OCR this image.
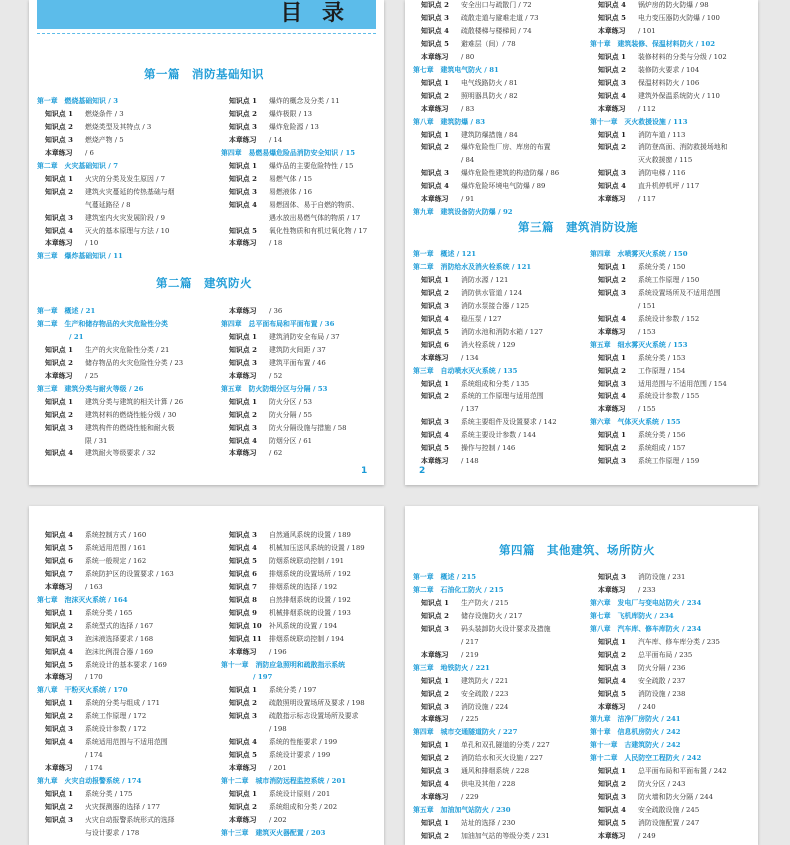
目 录
1
第一篇　消防基础知识
第二篇　建筑防火
第一章　燃烧基础知识 / 3
知识点 1 燃烧条件 / 3
知识点 2 燃烧类型及其特点 / 3
知识点 3 燃烧产物 / 5
本章练习 / 6
第二章　火灾基础知识 / 7
知识点 1 火灾的分类及发生原因 / 7
知识点 2 建筑火灾蔓延的传热基础与烟
气蔓延路径 / 8
知识点 3 建筑室内火灾发展阶段 / 9
知识点 4 灭火的基本原理与方法 / 10
本章练习 / 10
第三章　爆炸基础知识 / 11
知识点 1 爆炸的概念及分类 / 11
知识点 2 爆炸极限 / 13
知识点 3 爆炸危险源 / 13
本章练习 / 14
第四章　易燃易爆危险品消防安全知识 / 15
知识点 1 爆炸品的主要危险特性 / 15
知识点 2 易燃气体 / 15
知识点 3 易燃液体 / 16
知识点 4 易燃固体、易于自燃的物质、
遇水放出易燃气体的物质 / 17
知识点 5 氧化性物质和有机过氧化物 / 17
本章练习 / 18
第一章　概述 / 21
第二章　生产和储存物品的火灾危险性分类
/ 21
知识点 1 生产的火灾危险性分类 / 21
知识点 2 储存物品的火灾危险性分类 / 23
本章练习 / 25
第三章　建筑分类与耐火等级 / 26
知识点 1 建筑分类与建筑的相关计算 / 26
知识点 2 建筑材料的燃烧性能分级 / 30
知识点 3 建筑构件的燃烧性能和耐火极
限 / 31
知识点 4 建筑耐火等级要求 / 32
本章练习 / 36
第四章　总平面布局和平面布置 / 36
知识点 1 建筑消防安全布局 / 37
知识点 2 建筑防火间距 / 37
知识点 3 建筑平面布置 / 46
本章练习 / 52
第五章　防火防烟分区与分隔 / 53
知识点 1 防火分区 / 53
知识点 2 防火分隔 / 55
知识点 3 防火分隔设施与措施 / 58
知识点 4 防烟分区 / 61
本章练习 / 62
2
第三篇　建筑消防设施
知识点 2 安全出口与疏散门 / 72
知识点 3 疏散走道与避难走道 / 73
知识点 4 疏散楼梯与楼梯间 / 74
知识点 5 避难层（间）/ 78
本章练习 / 80
第七章　建筑电气防火 / 81
知识点 1 电气线路防火 / 81
知识点 2 照明器具防火 / 82
本章练习 / 83
第八章　建筑防爆 / 83
知识点 1 建筑防爆措施 / 84
知识点 2 爆炸危险性厂房、库房的布置
/ 84
知识点 3 爆炸危险性建筑的构造防爆 / 86
知识点 4 爆炸危险环境电气防爆 / 89
本章练习 / 91
第九章　建筑设备防火防爆 / 92
知识点 4 锅炉房的防火防爆 / 98
知识点 5 电力变压器防火防爆 / 100
本章练习 / 101
第十章　建筑装修、保温材料防火 / 102
知识点 1 装修材料的分类与分级 / 102
知识点 2 装修防火要求 / 104
知识点 3 保温材料防火 / 106
知识点 4 建筑外保温系统防火 / 110
本章练习 / 112
第十一章　灭火救援设施 / 113
知识点 1 消防车道 / 113
知识点 2 消防登高面、消防救援场地和
灭火救援窗 / 115
知识点 3 消防电梯 / 116
知识点 4 直升机停机坪 / 117
本章练习 / 117
第一章　概述 / 121
第二章　消防给水及消火栓系统 / 121
知识点 1 消防水源 / 121
知识点 2 消防供水管道 / 124
知识点 3 消防水泵接合器 / 125
知识点 4 稳压泵 / 127
知识点 5 消防水池和消防水箱 / 127
知识点 6 消火栓系统 / 129
本章练习 / 134
第三章　自动喷水灭火系统 / 135
知识点 1 系统组成和分类 / 135
知识点 2 系统的工作原理与适用范围
/ 137
知识点 3 系统主要组件及设置要求 / 142
知识点 4 系统主要设计参数 / 144
知识点 5 操作与控制 / 146
本章练习 / 148
第四章　水喷雾灭火系统 / 150
知识点 1 系统分类 / 150
知识点 2 系统工作原理 / 150
知识点 3 系统设置场所及不适用范围
/ 151
知识点 4 系统设计参数 / 152
本章练习 / 153
第五章　细水雾灭火系统 / 153
知识点 1 系统分类 / 153
知识点 2 工作原理 / 154
知识点 3 适用范围与不适用范围 / 154
知识点 4 系统设计参数 / 155
本章练习 / 155
第六章　气体灭火系统 / 155
知识点 1 系统分类 / 156
知识点 2 系统组成 / 157
知识点 3 系统工作原理 / 159
知识点 4 系统控制方式 / 160
知识点 5 系统适用范围 / 161
知识点 6 系统一般规定 / 162
知识点 7 系统防护区的设置要求 / 163
本章练习 / 163
第七章　泡沫灭火系统 / 164
知识点 1 系统分类 / 165
知识点 2 系统型式的选择 / 167
知识点 3 泡沫液选择要求 / 168
知识点 4 泡沫比例混合器 / 169
知识点 5 系统设计的基本要求 / 169
本章练习 / 170
第八章　干粉灭火系统 / 170
知识点 1 系统的分类与组成 / 171
知识点 2 系统工作原理 / 172
知识点 3 系统设计参数 / 172
知识点 4 系统适用范围与不适用范围
/ 174
本章练习 / 174
第九章　火灾自动报警系统 / 174
知识点 1 系统分类 / 175
知识点 2 火灾探测器的选择 / 177
知识点 3 火灾自动报警系统形式的选择
与设计要求 / 178
知识点 3 自然通风系统的设置 / 189
知识点 4 机械加压送风系统的设置 / 189
知识点 5 防烟系统联动控制 / 191
知识点 6 排烟系统的设置场所 / 192
知识点 7 排烟系统的选择 / 192
知识点 8 自然排烟系统的设置 / 192
知识点 9 机械排烟系统的设置 / 193
知识点 10 补风系统的设置 / 194
知识点 11 排烟系统联动控制 / 194
本章练习 / 196
第十一章　消防应急照明和疏散指示系统
/ 197
知识点 1 系统分类 / 197
知识点 2 疏散照明设置场所及要求 / 198
知识点 3 疏散指示标志设置场所及要求
/ 198
知识点 4 系统的性能要求 / 199
知识点 5 系统设计要求 / 199
本章练习 / 201
第十二章　城市消防远程监控系统 / 201
知识点 1 系统设计原则 / 201
知识点 2 系统组成和分类 / 202
本章练习 / 202
第十三章　建筑灭火器配置 / 203
第四篇　其他建筑、场所防火
第一章　概述 / 215
第二章　石油化工防火 / 215
知识点 1 生产防火 / 215
知识点 2 储存设施防火 / 217
知识点 3 码头装卸防火设计要求及措施
/ 217
本章练习 / 219
第三章　地铁防火 / 221
知识点 1 建筑防火 / 221
知识点 2 安全疏散 / 223
知识点 3 消防设施 / 224
本章练习 / 225
第四章　城市交通隧道防火 / 227
知识点 1 单孔和双孔隧道的分类 / 227
知识点 2 消防给水和灭火设施 / 227
知识点 3 通风和排烟系统 / 228
知识点 4 供电及其他 / 228
本章练习 / 229
第五章　加油加气站防火 / 230
知识点 1 站址的选择 / 230
知识点 2 加油加气站的等级分类 / 231
知识点 3 消防设施 / 231
本章练习 / 233
第六章　发电厂与变电站防火 / 234
第七章　飞机库防火 / 234
第八章　汽车库、修车库防火 / 234
知识点 1 汽车库、修车库分类 / 235
知识点 2 总平面布局 / 235
知识点 3 防火分隔 / 236
知识点 4 安全疏散 / 237
知识点 5 消防设施 / 238
本章练习 / 240
第九章　洁净厂房防火 / 241
第十章　信息机房防火 / 242
第十一章　古建筑防火 / 242
第十二章　人民防空工程防火 / 242
知识点 1 总平面布局和平面布置 / 242
知识点 2 防火分区 / 243
知识点 3 防火墙和防火分隔 / 244
知识点 4 安全疏散设施 / 245
知识点 5 消防设施配置 / 247
本章练习 / 249
